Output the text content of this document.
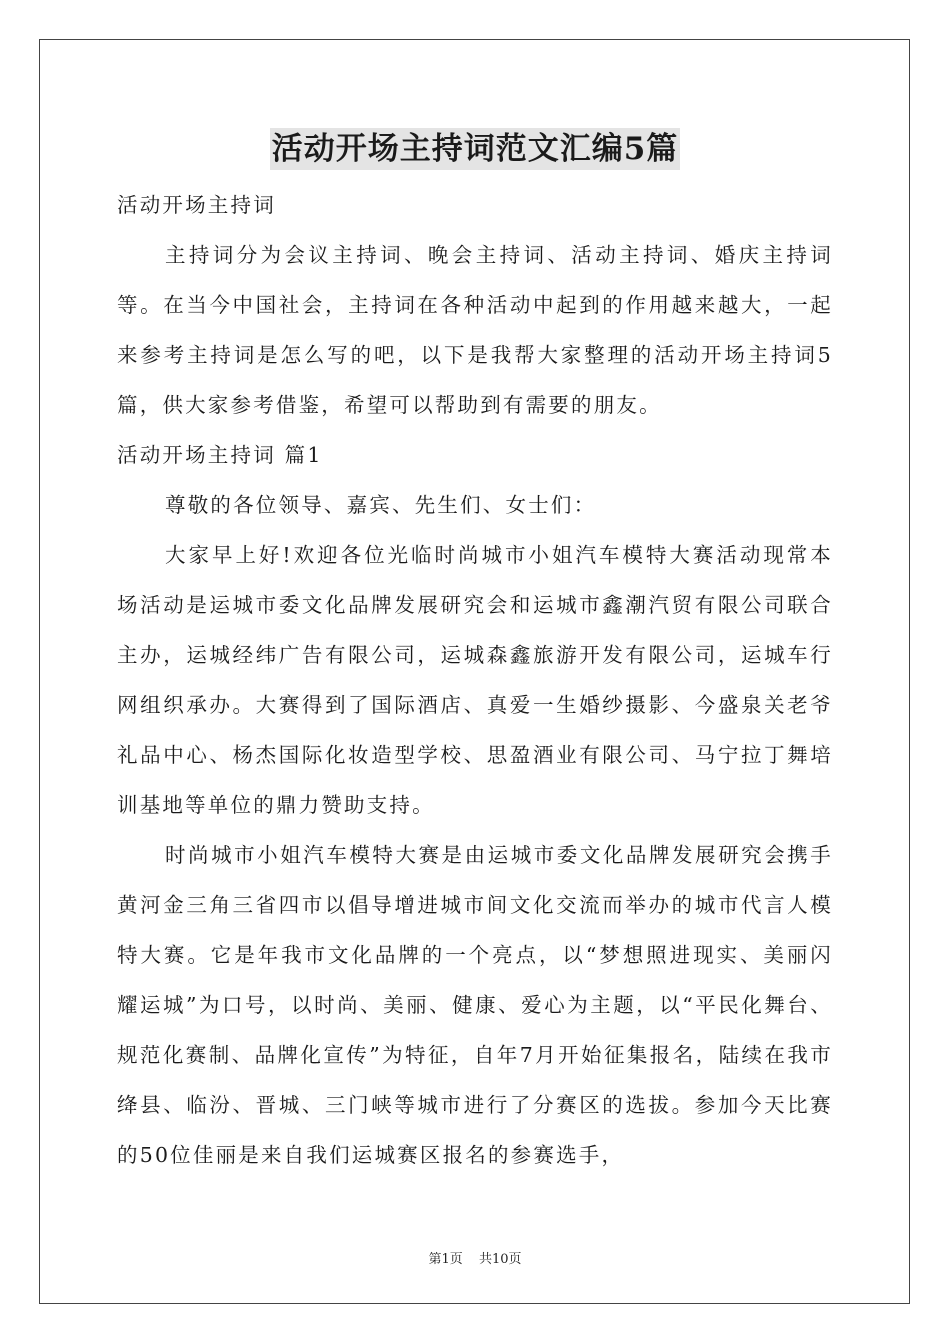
活动开场主持词范文汇编5篇

活动开场主持词

主持词分为会议主持词、晚会主持词、活动主持词、婚庆主持词等。在当今中国社会，主持词在各种活动中起到的作用越来越大，一起来参考主持词是怎么写的吧，以下是我帮大家整理的活动开场主持词5篇，供大家参考借鉴，希望可以帮助到有需要的朋友。

活动开场主持词 篇1

尊敬的各位领导、嘉宾、先生们、女士们：

大家早上好!欢迎各位光临时尚城市小姐汽车模特大赛活动现常本场活动是运城市委文化品牌发展研究会和运城市鑫潮汽贸有限公司联合主办，运城经纬广告有限公司，运城森鑫旅游开发有限公司，运城车行网组织承办。大赛得到了国际酒店、真爱一生婚纱摄影、今盛泉关老爷礼品中心、杨杰国际化妆造型学校、思盈酒业有限公司、马宁拉丁舞培训基地等单位的鼎力赞助支持。

时尚城市小姐汽车模特大赛是由运城市委文化品牌发展研究会携手黄河金三角三省四市以倡导增进城市间文化交流而举办的城市代言人模特大赛。它是年我市文化品牌的一个亮点，以“梦想照进现实、美丽闪耀运城”为口号，以时尚、美丽、健康、爱心为主题，以“平民化舞台、规范化赛制、品牌化宣传”为特征，自年7月开始征集报名，陆续在我市绛县、临汾、晋城、三门峡等城市进行了分赛区的选拔。参加今天比赛的50位佳丽是来自我们运城赛区报名的参赛选手，

第1页 共10页
